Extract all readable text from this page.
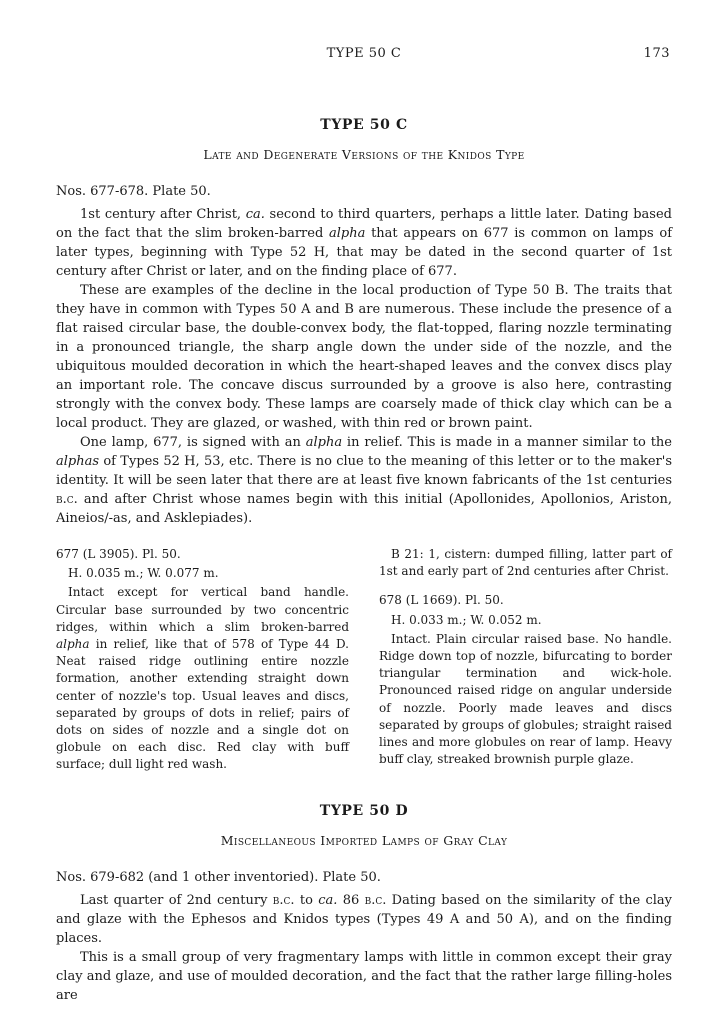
TYPE 50 C	173
TYPE 50 C
Late and Degenerate Versions of the Knidos Type

Nos. 677-678. Plate 50.

1st century after Christ, ca. second to third quarters, perhaps a little later. Dating based on the fact that the slim broken-barred alpha that appears on 677 is common on lamps of later types, beginning with Type 52 H, that may be dated in the second quarter of 1st century after Christ or later, and on the finding place of 677.

These are examples of the decline in the local production of Type 50 B. The traits that they have in common with Types 50 A and B are numerous. These include the presence of a flat raised circular base, the double-convex body, the flat-topped, flaring nozzle terminating in a pronounced triangle, the sharp angle down the under side of the nozzle, and the ubiquitous moulded decoration in which the heart-shaped leaves and the convex discs play an important role. The concave discus surrounded by a groove is also here, contrasting strongly with the convex body. These lamps are coarsely made of thick clay which can be a local product. They are glazed, or washed, with thin red or brown paint.

One lamp, 677, is signed with an alpha in relief. This is made in a manner similar to the alphas of Types 52 H, 53, etc. There is no clue to the meaning of this letter or to the maker's identity. It will be seen later that there are at least five known fabricants of the 1st centuries b.c. and after Christ whose names begin with this initial (Apollonides, Apollonios, Ariston, Aineios/-as, and Asklepiades).

677 (L 3905). Pl. 50.

H. 0.035 m.; W. 0.077 m.

Intact except for vertical band handle. Circular base surrounded by two concentric ridges, within which a slim broken-barred alpha in relief, like that of 578 of Type 44 D. Neat raised ridge outlining entire nozzle formation, another extending straight down center of nozzle's top. Usual leaves and discs, separated by groups of dots in relief; pairs of dots on sides of nozzle and a single dot on globule on each disc. Red clay with buff surface; dull light red wash.

B 21: 1, cistern: dumped filling, latter part of 1st and early part of 2nd centuries after Christ.

678 (L 1669). Pl. 50.

H. 0.033 m.; W. 0.052 m.

Intact. Plain circular raised base. No handle. Ridge down top of nozzle, bifurcating to border triangular termination and wick-hole. Pronounced raised ridge on angular underside of nozzle. Poorly made leaves and discs separated by groups of globules; straight raised lines and more globules on rear of lamp. Heavy buff clay, streaked brownish purple glaze.

TYPE 50 D
Miscellaneous Imported Lamps of Gray Clay

Nos. 679-682 (and 1 other inventoried). Plate 50.

Last quarter of 2nd century b.c. to ca. 86 b.c. Dating based on the similarity of the clay and glaze with the Ephesos and Knidos types (Types 49 A and 50 A), and on the finding places.

This is a small group of very fragmentary lamps with little in common except their gray clay and glaze, and use of moulded decoration, and the fact that the rather large filling-holes are
